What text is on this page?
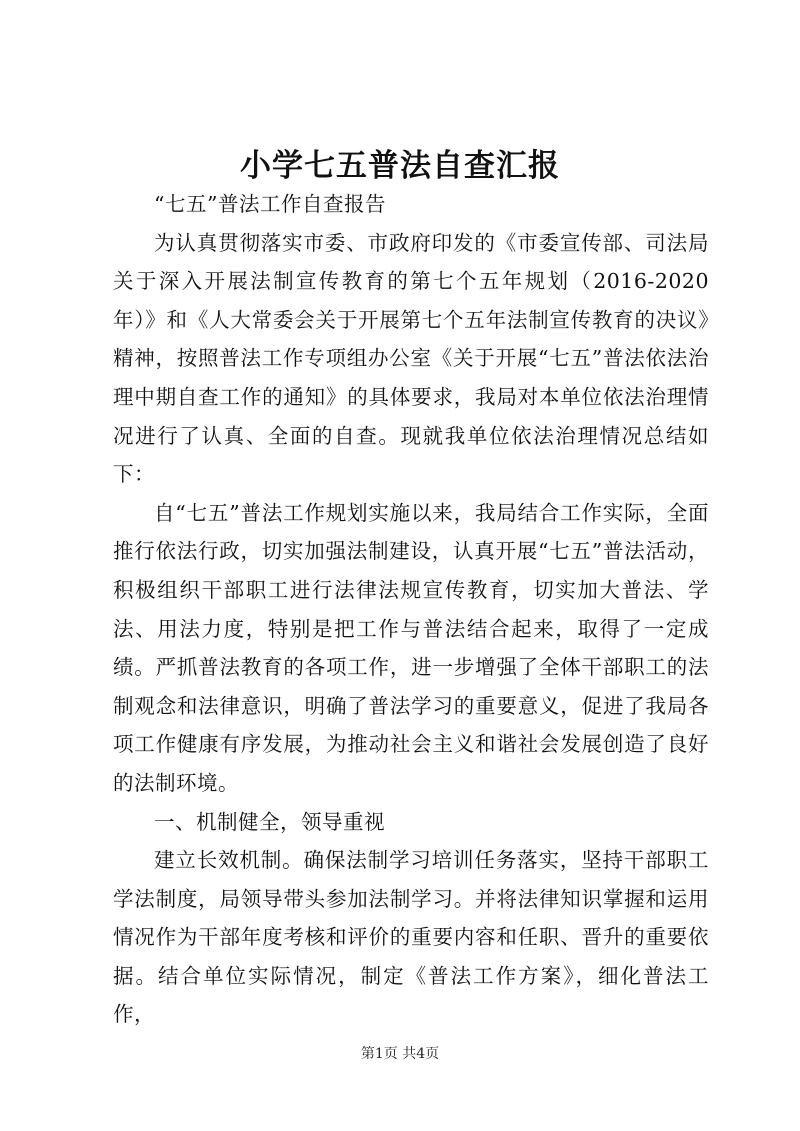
小学七五普法自查汇报

“七五”普法工作自查报告

为认真贯彻落实市委、市政府印发的《市委宣传部、司法局关于深入开展法制宣传教育的第七个五年规划（2016-2020年）》和《人大常委会关于开展第七个五年法制宣传教育的决议》精神，按照普法工作专项组办公室《关于开展“七五”普法依法治理中期自查工作的通知》的具体要求，我局对本单位依法治理情况进行了认真、全面的自查。现就我单位依法治理情况总结如下：

自“七五”普法工作规划实施以来，我局结合工作实际，全面推行依法行政，切实加强法制建设，认真开展“七五”普法活动，积极组织干部职工进行法律法规宣传教育，切实加大普法、学法、用法力度，特别是把工作与普法结合起来，取得了一定成绩。严抓普法教育的各项工作，进一步增强了全体干部职工的法制观念和法律意识，明确了普法学习的重要意义，促进了我局各项工作健康有序发展，为推动社会主义和谐社会发展创造了良好的法制环境。

一、机制健全，领导重视

建立长效机制。确保法制学习培训任务落实，坚持干部职工学法制度，局领导带头参加法制学习。并将法律知识掌握和运用情况作为干部年度考核和评价的重要内容和任职、晋升的重要依据。结合单位实际情况，制定《普法工作方案》，细化普法工作，

第1页 共4页
